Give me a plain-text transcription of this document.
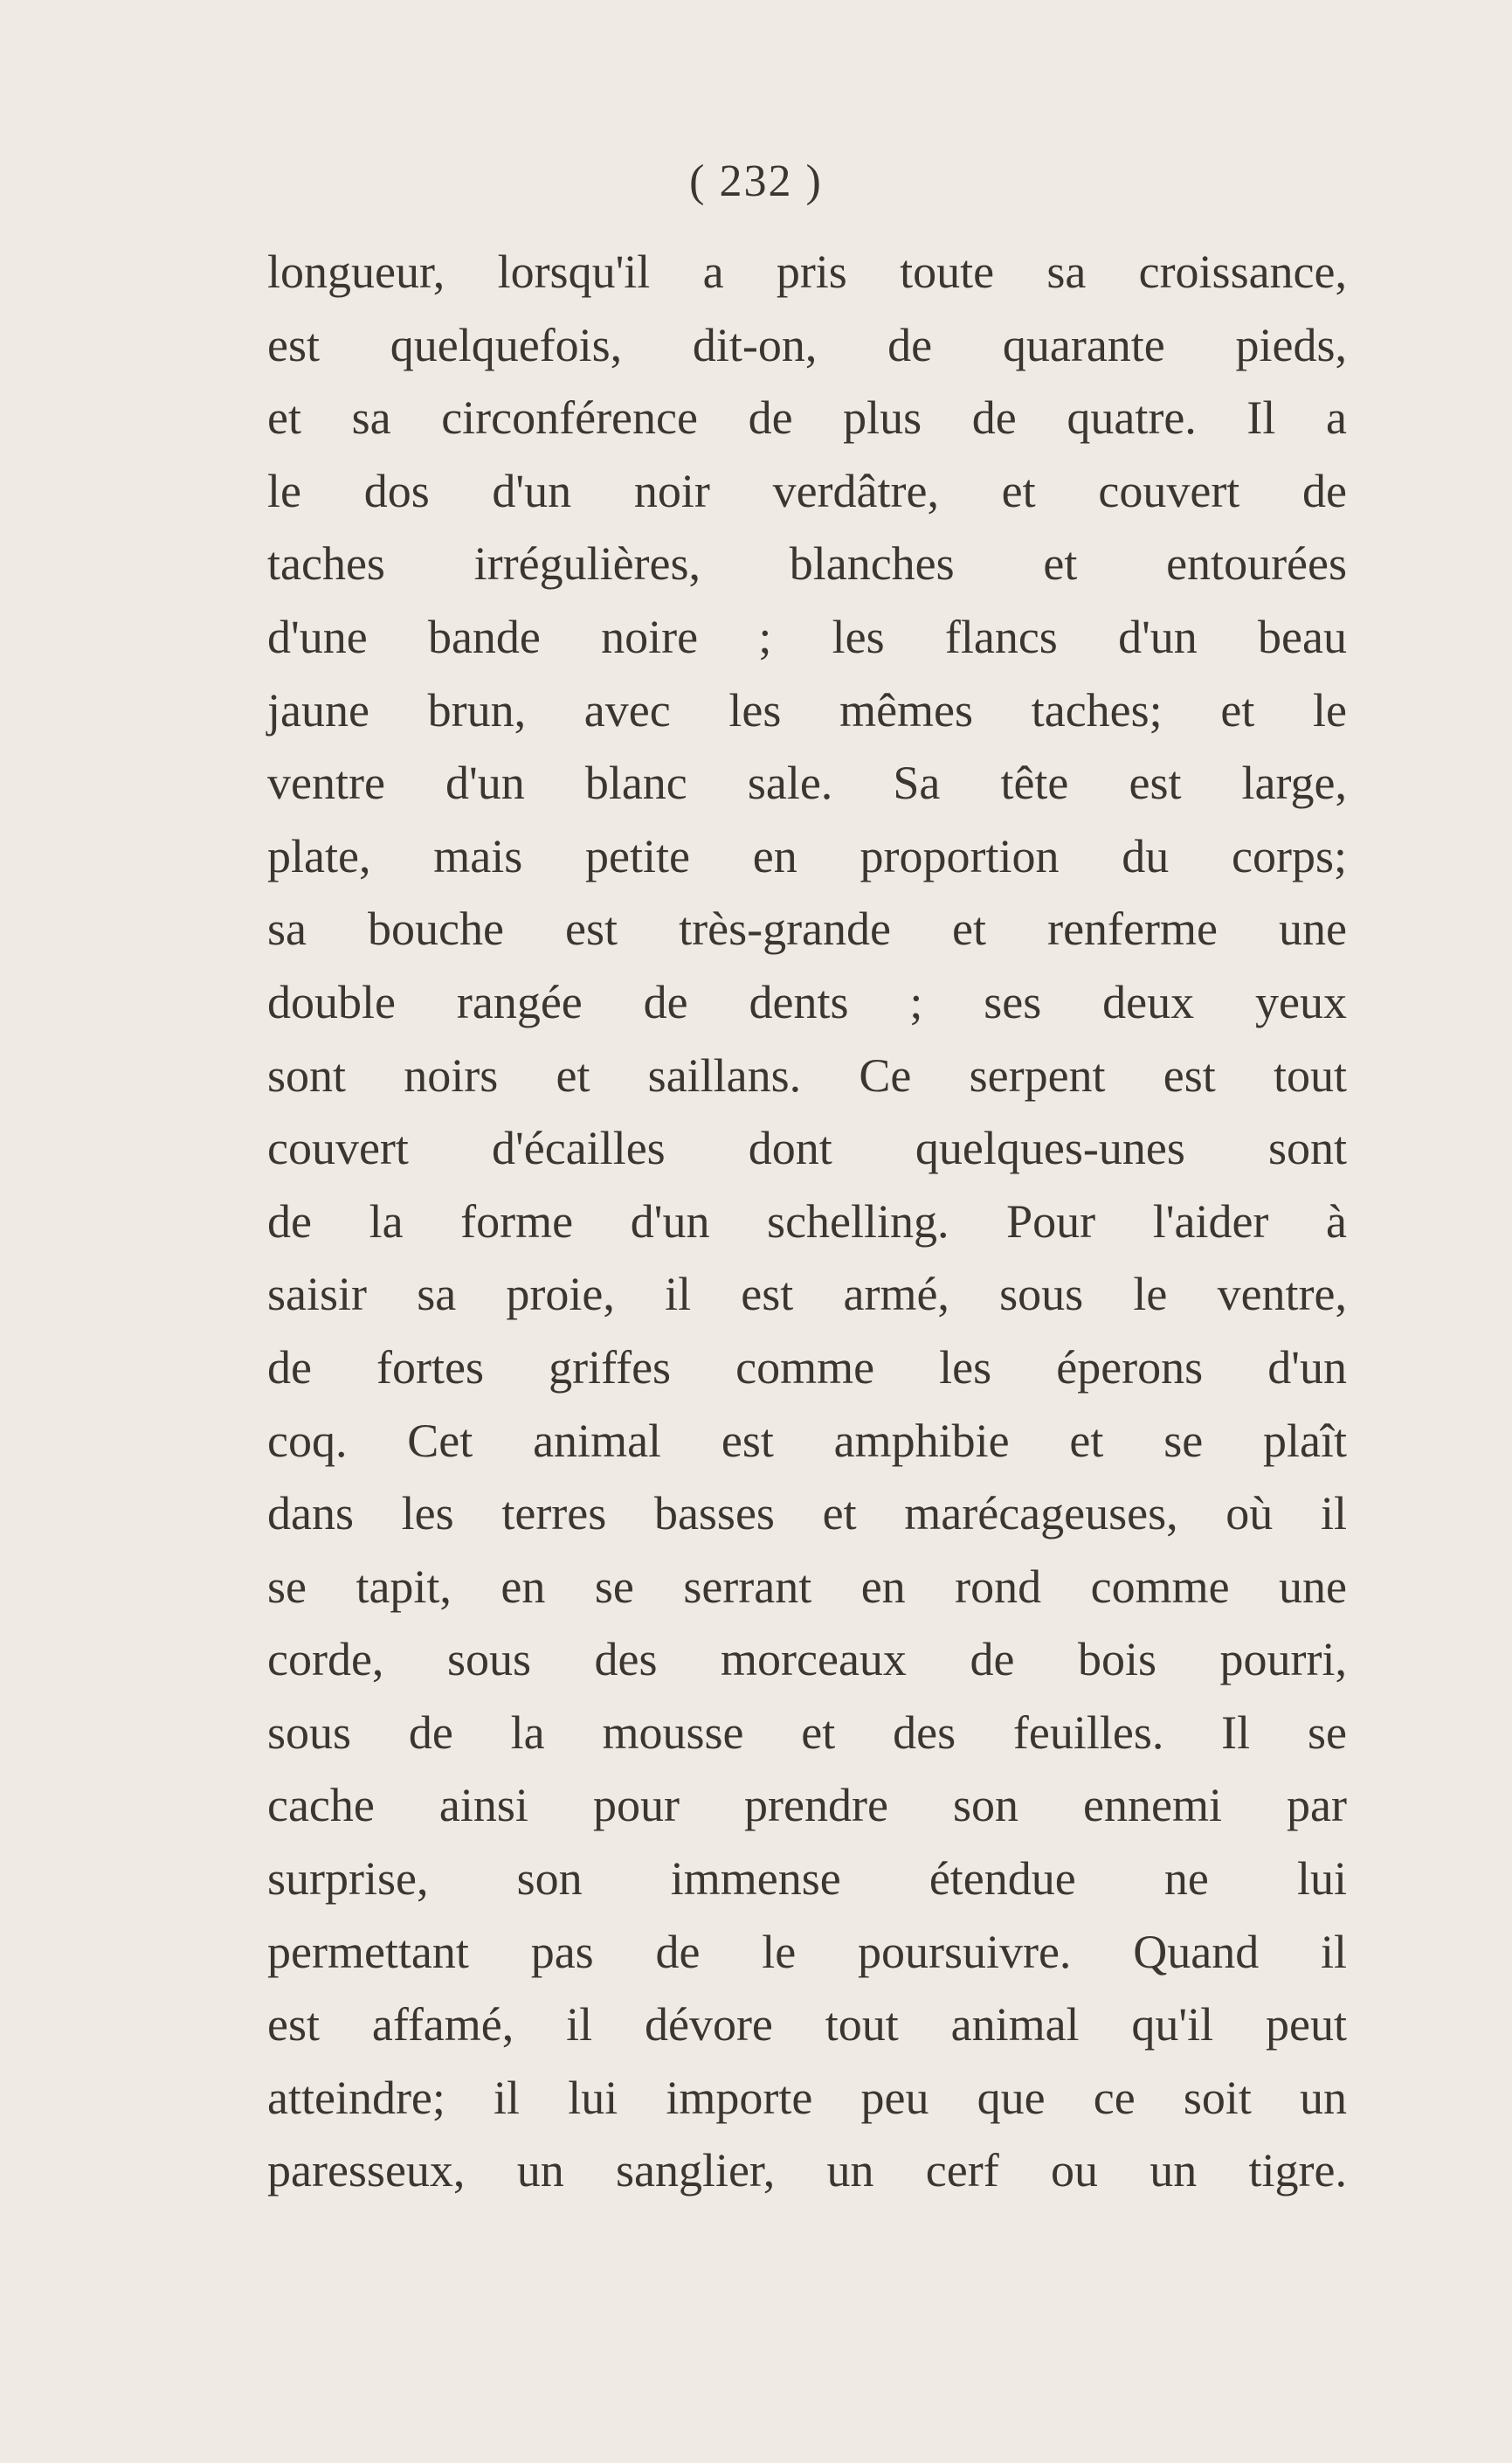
( 232 )
longueur, lorsqu'il a pris toute sa croissance,
est quelquefois, dit-on, de quarante pieds,
et sa circonférence de plus de quatre. Il a
le dos d'un noir verdâtre, et couvert de
taches irrégulières, blanches et entourées
d'une bande noire ; les flancs d'un beau
jaune brun, avec les mêmes taches; et le
ventre d'un blanc sale. Sa tête est large,
plate, mais petite en proportion du corps;
sa bouche est très-grande et renferme une
double rangée de dents ; ses deux yeux
sont noirs et saillans. Ce serpent est tout
couvert d'écailles dont quelques-unes sont
de la forme d'un schelling. Pour l'aider à
saisir sa proie, il est armé, sous le ventre,
de fortes griffes comme les éperons d'un
coq. Cet animal est amphibie et se plaît
dans les terres basses et marécageuses, où il
se tapit, en se serrant en rond comme une
corde, sous des morceaux de bois pourri,
sous de la mousse et des feuilles. Il se
cache ainsi pour prendre son ennemi par
surprise, son immense étendue ne lui
permettant pas de le poursuivre. Quand il
est affamé, il dévore tout animal qu'il peut
atteindre; il lui importe peu que ce soit un
paresseux, un sanglier, un cerf ou un tigre.
